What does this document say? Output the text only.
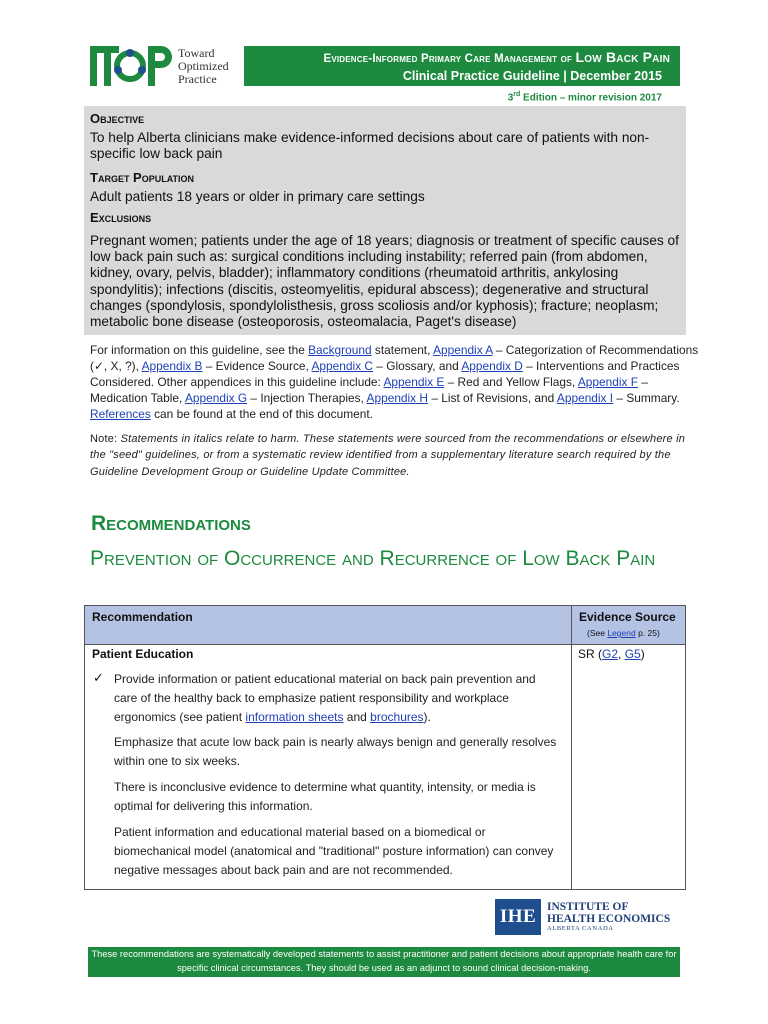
Toward
Optimized
Practice
Evidence-Informed Primary Care Management of Low Back Pain
Clinical Practice Guideline | December 2015
3rd Edition – minor revision 2017
Objective
To help Alberta clinicians make evidence-informed decisions about care of patients with non-specific low back pain
Target Population
Adult patients 18 years or older in primary care settings
Exclusions
Pregnant women; patients under the age of 18 years; diagnosis or treatment of specific causes of low back pain such as: surgical conditions including instability; referred pain (from abdomen, kidney, ovary, pelvis, bladder); inflammatory conditions (rheumatoid arthritis, ankylosing spondylitis); infections (discitis, osteomyelitis, epidural abscess); degenerative and structural changes (spondylosis, spondylolisthesis, gross scoliosis and/or kyphosis); fracture; neoplasm; metabolic bone disease (osteoporosis, osteomalacia, Paget's disease)
For information on this guideline, see the Background statement, Appendix A – Categorization of Recommendations (✓, X, ?), Appendix B – Evidence Source, Appendix C – Glossary, and Appendix D – Interventions and Practices Considered. Other appendices in this guideline include: Appendix E – Red and Yellow Flags, Appendix F – Medication Table, Appendix G – Injection Therapies, Appendix H – List of Revisions, and Appendix I – Summary. References can be found at the end of this document.
Note: Statements in italics relate to harm. These statements were sourced from the recommendations or elsewhere in the "seed" guidelines, or from a systematic review identified from a supplementary literature search required by the Guideline Development Group or Guideline Update Committee.
Recommendations
Prevention of Occurrence and Recurrence of Low Back Pain
Recommendation	Evidence Source
(See Legend p. 25)
Patient Education	SR (G2, G5)
✓ Provide information or patient educational material on back pain prevention and care of the healthy back to emphasize patient responsibility and workplace ergonomics (see patient information sheets and brochures).
Emphasize that acute low back pain is nearly always benign and generally resolves within one to six weeks.
There is inconclusive evidence to determine what quantity, intensity, or media is optimal for delivering this information.
Patient information and educational material based on a biomedical or biomechanical model (anatomical and "traditional" posture information) can convey negative messages about back pain and are not recommended.
IHE INSTITUTE OF
HEALTH ECONOMICS
ALBERTA CANADA
These recommendations are systematically developed statements to assist practitioner and patient decisions about appropriate health care for specific clinical circumstances. They should be used as an adjunct to sound clinical decision-making.
